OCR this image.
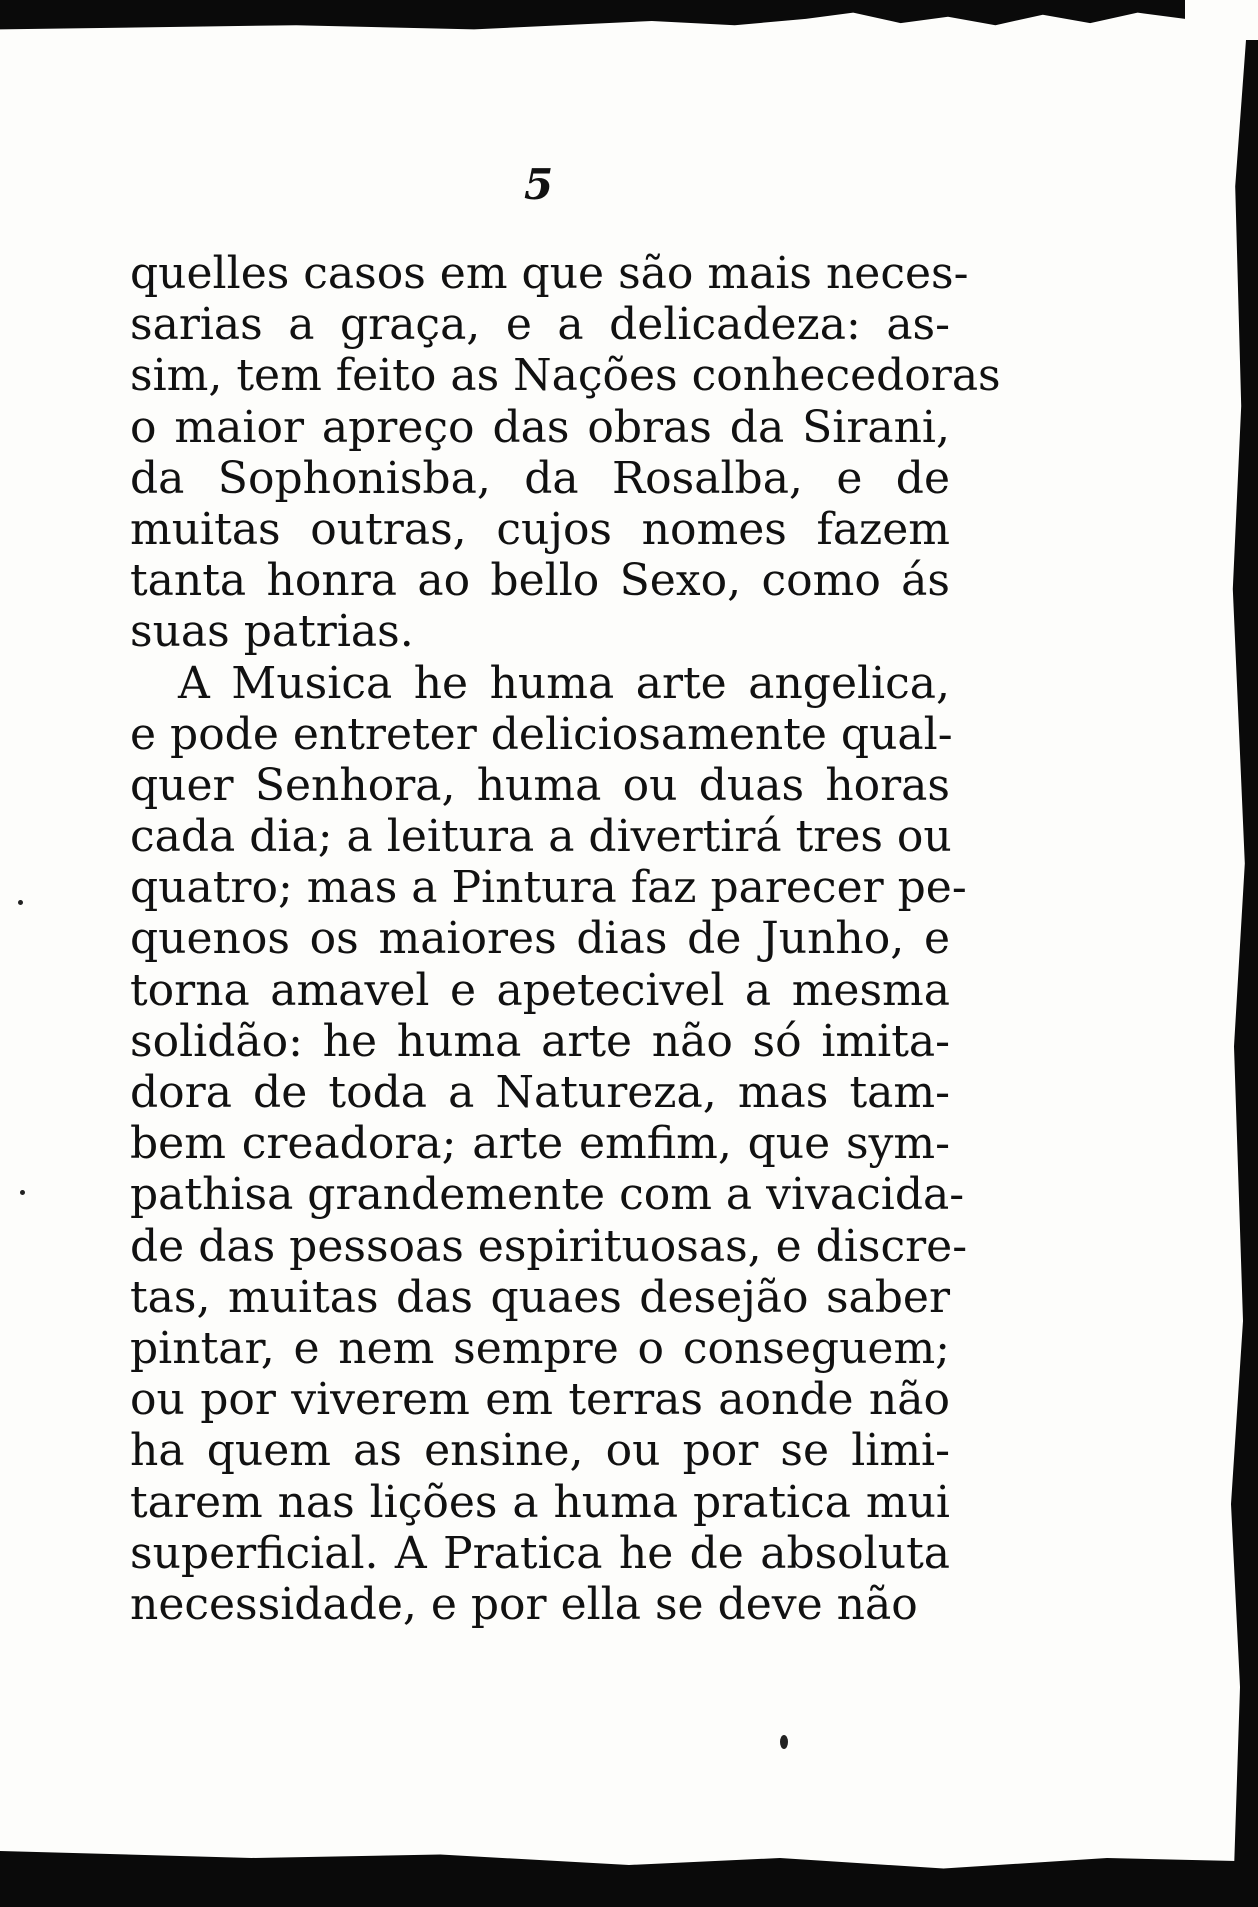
5
quelles casos em que são mais neces-
sarias a graça, e a delicadeza: as-
sim, tem feito as Nações conhecedoras
o maior apreço das obras da Sirani,
da Sophonisba, da Rosalba, e de
muitas outras, cujos nomes fazem
tanta honra ao bello Sexo, como ás
suas patrias.
A Musica he huma arte angelica,
e pode entreter deliciosamente qual-
quer Senhora, huma ou duas horas
cada dia; a leitura a divertirá tres ou
quatro; mas a Pintura faz parecer pe-
quenos os maiores dias de Junho, e
torna amavel e apetecivel a mesma
solidão: he huma arte não só imita-
dora de toda a Natureza, mas tam-
bem creadora; arte emfim, que sym-
pathisa grandemente com a vivacida-
de das pessoas espirituosas, e discre-
tas, muitas das quaes desejão saber
pintar, e nem sempre o conseguem;
ou por viverem em terras aonde não
ha quem as ensine, ou por se limi-
tarem nas lições a huma pratica mui
superficial. A Pratica he de absoluta
necessidade, e por ella se deve não
